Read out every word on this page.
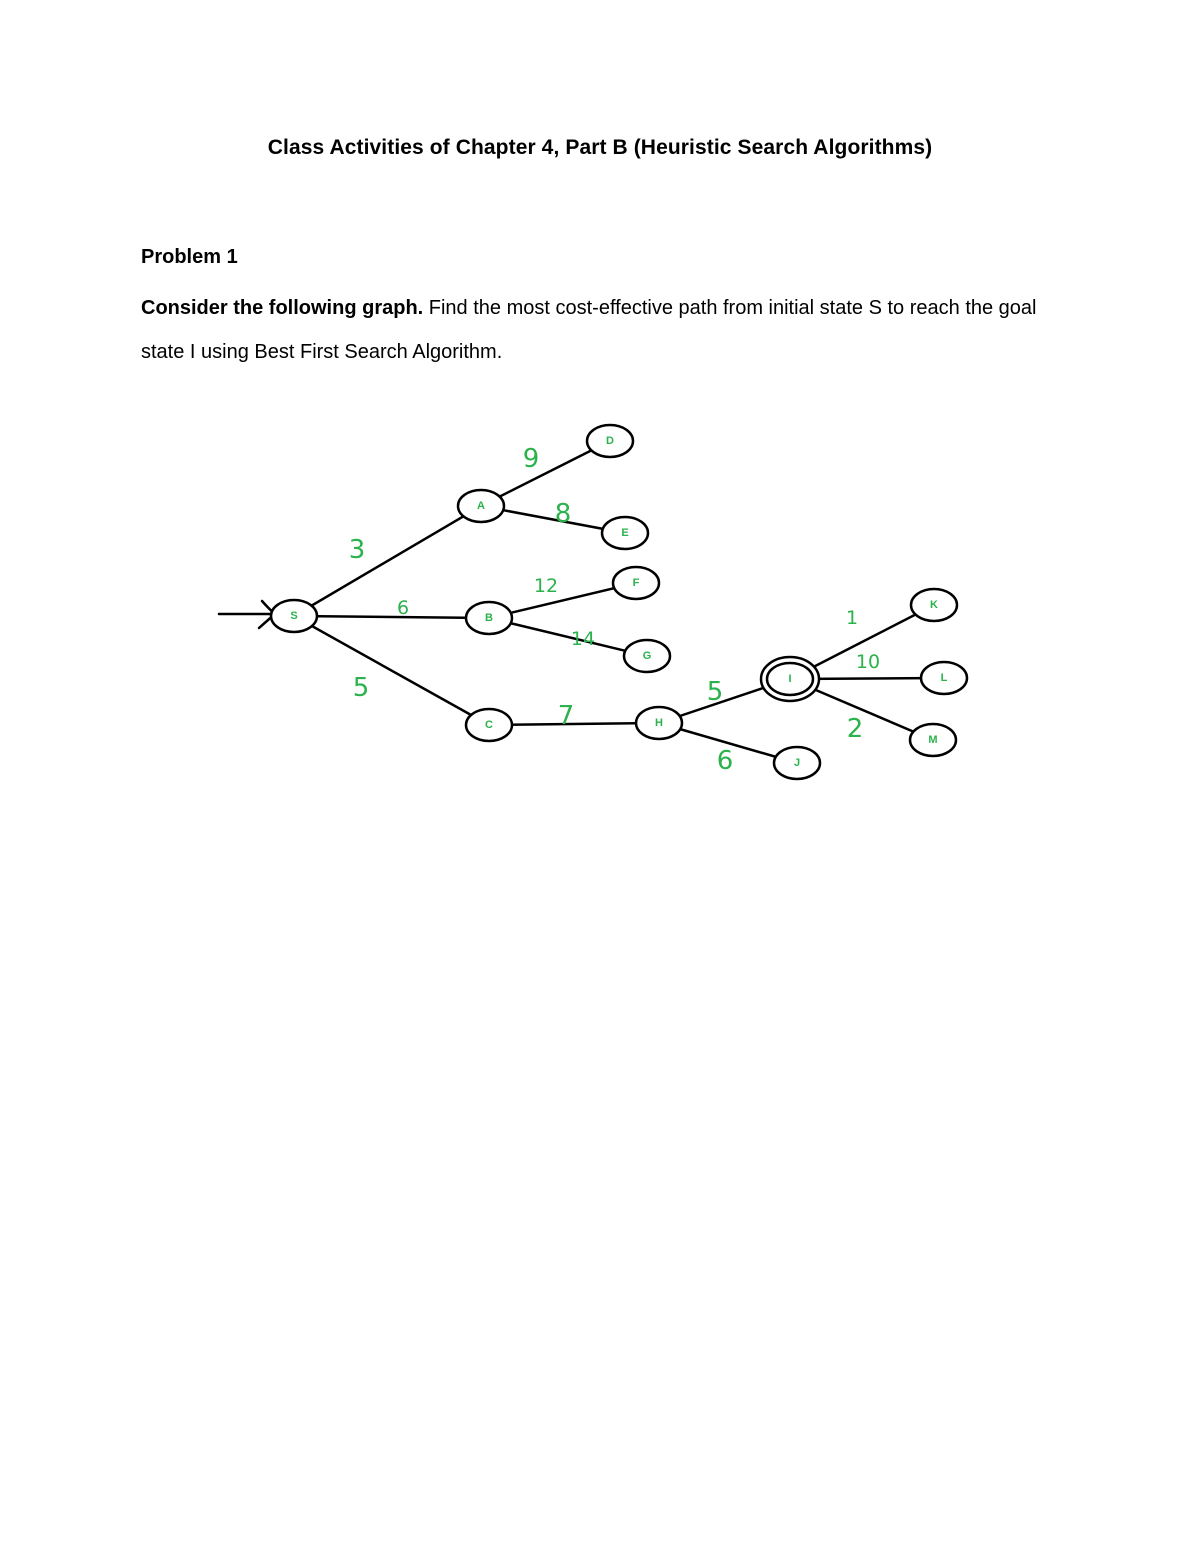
Class Activities of Chapter 4, Part B (Heuristic Search Algorithms)
Problem 1
Consider the following graph. Find the most cost-effective path from initial state S to reach the goal state I using Best First Search Algorithm.
3
6
5
9
8
12
14
7
5
6
1
10
2
S
A
B
C
D
E
F
G
H
I
J
K
L
M
